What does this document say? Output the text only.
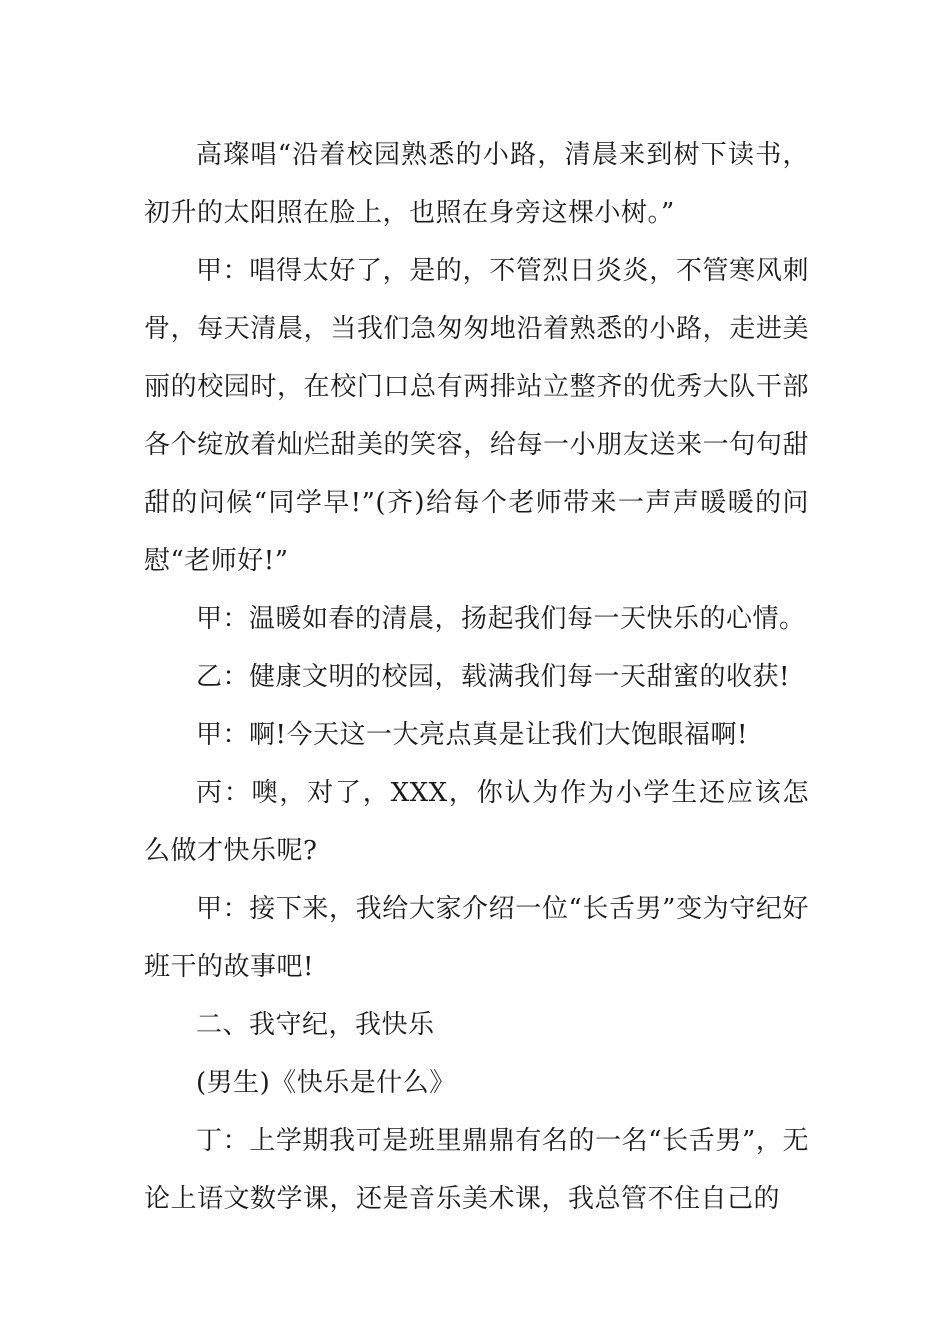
高璨唱“沿着校园熟悉的小路，清晨来到树下读书，初升的太阳照在脸上，也照在身旁这棵小树。”

甲：唱得太好了，是的，不管烈日炎炎，不管寒风刺骨，每天清晨，当我们急匆匆地沿着熟悉的小路，走进美丽的校园时，在校门口总有两排站立整齐的优秀大队干部各个绽放着灿烂甜美的笑容，给每一小朋友送来一句句甜甜的问候“同学早!”(齐)给每个老师带来一声声暖暖的问慰“老师好!”

甲：温暖如春的清晨，扬起我们每一天快乐的心情。

乙：健康文明的校园，载满我们每一天甜蜜的收获!

甲：啊!今天这一大亮点真是让我们大饱眼福啊!

丙：噢，对了，XXX，你认为作为小学生还应该怎么做才快乐呢?

甲：接下来，我给大家介绍一位“长舌男”变为守纪好班干的故事吧!

二、我守纪，我快乐

(男生)《快乐是什么》

丁：上学期我可是班里鼎鼎有名的一名“长舌男”，无论上语文数学课，还是音乐美术课，我总管不住自己的
